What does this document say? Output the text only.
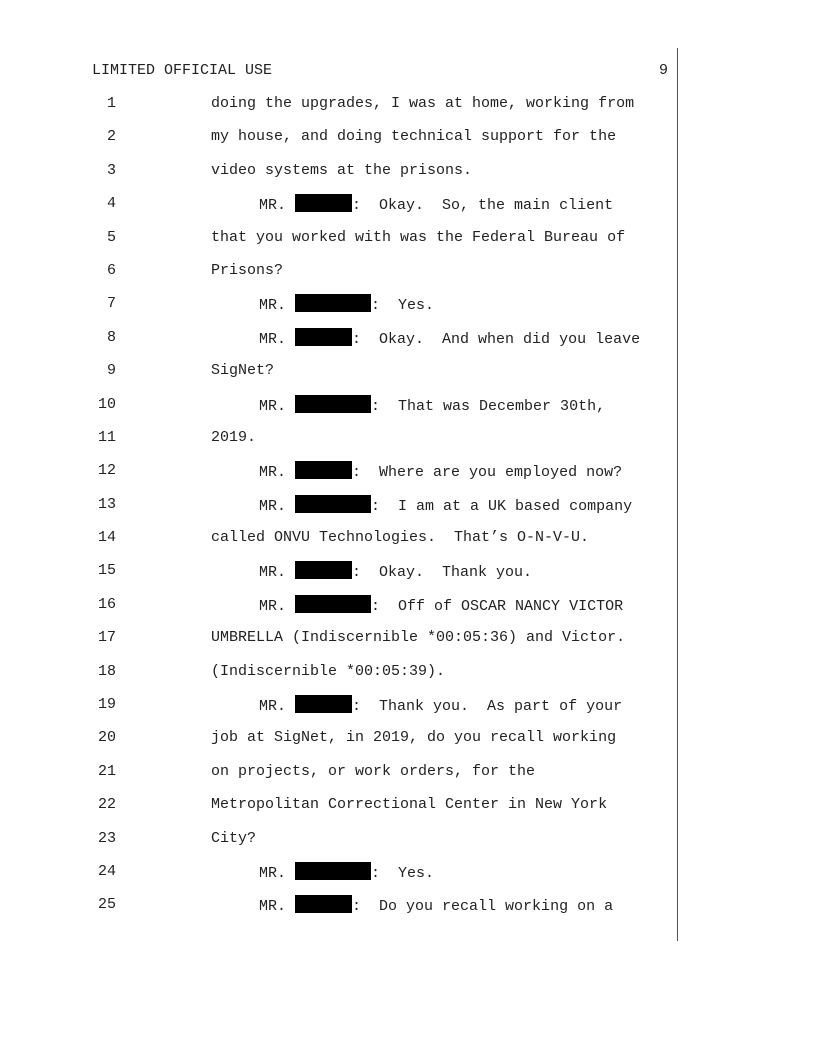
LIMITED OFFICIAL USE	9
1	doing the upgrades, I was at home, working from
2	my house, and doing technical support for the
3	video systems at the prisons.
4	MR.	:  Okay.  So, the main client
5	that you worked with was the Federal Bureau of
6	Prisons?
7	MR.	:  Yes.
8	MR.	:  Okay.  And when did you leave
9	SigNet?
10	MR.	:  That was December 30th,
11	2019.
12	MR.	:  Where are you employed now?
13	MR.	:  I am at a UK based company
14	called ONVU Technologies.  That’s O-N-V-U.
15	MR.	:  Okay.  Thank you.
16	MR.	:  Off of OSCAR NANCY VICTOR
17	UMBRELLA (Indiscernible *00:05:36) and Victor.
18	(Indiscernible *00:05:39).
19	MR.	:  Thank you.  As part of your
20	job at SigNet, in 2019, do you recall working
21	on projects, or work orders, for the
22	Metropolitan Correctional Center in New York
23	City?
24	MR.	:  Yes.
25	MR.	:  Do you recall working on a
